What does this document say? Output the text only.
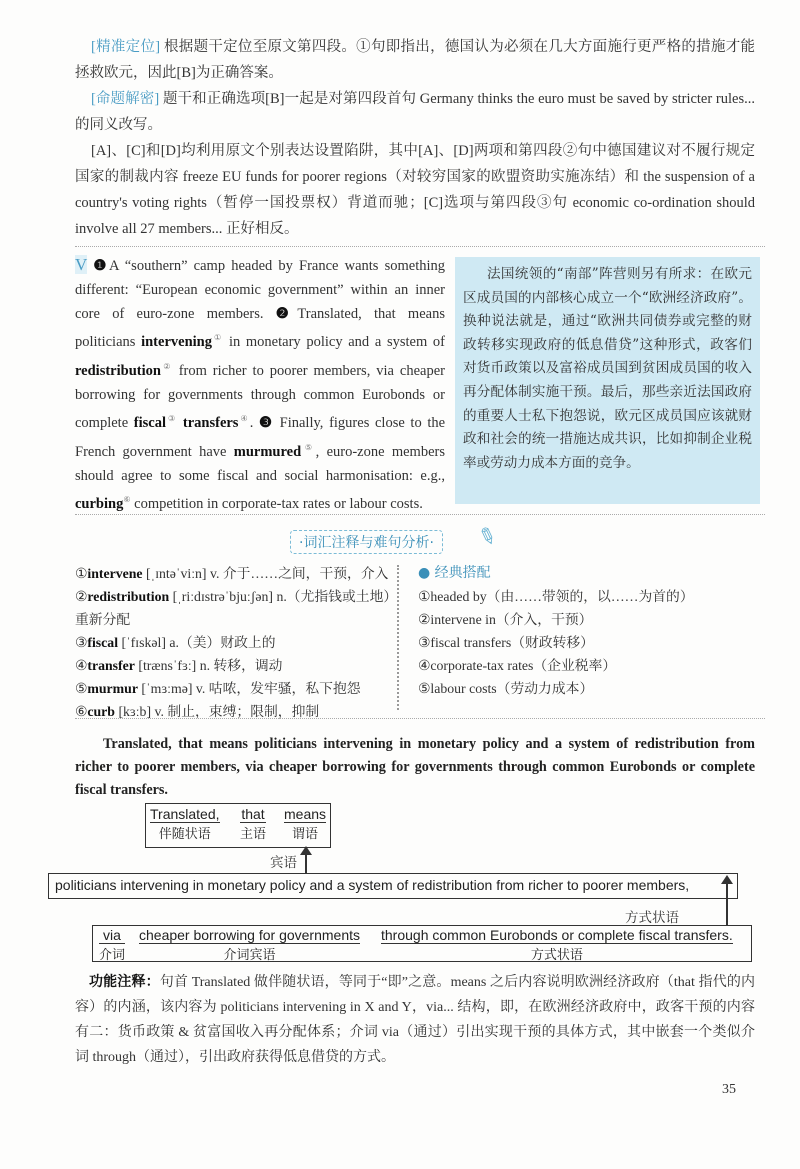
[精准定位] 根据题干定位至原文第四段。①句即指出，德国认为必须在几大方面施行更严格的措施才能拯救欧元，因此[B]为正确答案。

[命题解密] 题干和正确选项[B]一起是对第四段首句 Germany thinks the euro must be saved by stricter rules... 的同义改写。

[A]、[C]和[D]均利用原文个别表达设置陷阱，其中[A]、[D]两项和第四段②句中德国建议对不履行规定国家的制裁内容 freeze EU funds for poorer regions（对较穷国家的欧盟资助实施冻结）和 the suspension of a country's voting rights（暂停一国投票权）背道而驰；[C]选项与第四段③句 economic co-ordination should involve all 27 members... 正好相反。

V ❶A “southern” camp headed by France wants something different: “European economic government” within an inner core of euro-zone members. ❷Translated, that means politicians intervening① in monetary policy and a system of redistribution② from richer to poorer members, via cheaper borrowing for governments through common Eurobonds or complete fiscal③ transfers④. ❸ Finally, figures close to the French government have murmured⑤, euro-zone members should agree to some fiscal and social harmonisation: e.g., curbing⑥ competition in corporate-tax rates or labour costs.
法国统领的“南部”阵营则另有所求：在欧元区成员国的内部核心成立一个“欧洲经济政府”。换种说法就是，通过“欧洲共同债券或完整的财政转移实现政府的低息借贷”这种形式，政客们对货币政策以及富裕成员国到贫困成员国的收入再分配体制实施干预。最后，那些亲近法国政府的重要人士私下抱怨说，欧元区成员国应该就财政和社会的统一措施达成共识，比如抑制企业税率或劳动力成本方面的竞争。
·词汇注释与难句分析·	✎
①intervene [ˌɪntəˈviːn] v. 介于……之间，干预，介入
②redistribution [ˌriːdɪstrəˈbjuːʃən] n.（尤指钱或土地）重新分配
③fiscal [ˈfɪskəl] a.（美）财政上的
④transfer [trænsˈfɜː] n. 转移，调动
⑤murmur [ˈmɜːmə] v. 咕哝，发牢骚，私下抱怨
⑥curb [kɜːb] v. 制止，束缚；限制，抑制
● 经典搭配
①headed by（由……带领的，以……为首的）
②intervene in（介入，干预）
③fiscal transfers（财政转移）
④corporate-tax rates（企业税率）
⑤labour costs（劳动力成本）
Translated, that means politicians intervening in monetary policy and a system of redistribution from richer to poorer members, via cheaper borrowing for governments through common Eurobonds or complete fiscal transfers.
Translated,
伴随状语
that
主语
means
谓语
宾语
politicians intervening in monetary policy and a system of redistribution from richer to poorer members,
方式状语
via
介词
cheaper borrowing for governments
介词宾语
through common Eurobonds or complete fiscal transfers.
方式状语
功能注释：句首 Translated 做伴随状语，等同于“即”之意。means 之后内容说明欧洲经济政府（that 指代的内容）的内涵，该内容为 politicians intervening in X and Y，via... 结构，即，在欧洲经济政府中，政客干预的内容有二：货币政策 & 贫富国收入再分配体系；介词 via（通过）引出实现干预的具体方式，其中嵌套一个类似介词 through（通过），引出政府获得低息借贷的方式。
35
